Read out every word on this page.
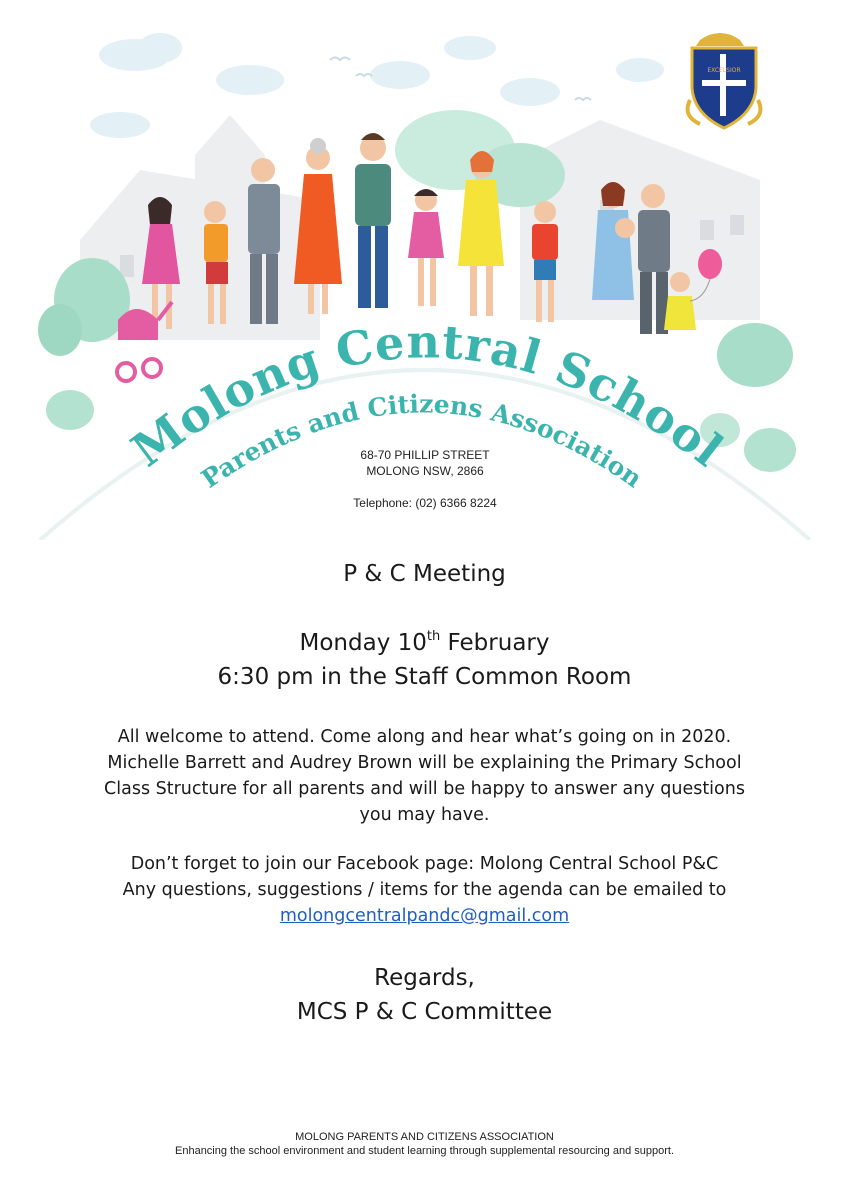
Molong Central School
Parents and Citizens Association
EXCELSIOR
68-70 PHILLIP STREET
MOLONG NSW, 2866
Telephone: (02) 6366 8224
P & C Meeting
Monday 10th February
6:30 pm in the Staff Common Room
All welcome to attend. Come along and hear what’s going on in 2020.
Michelle Barrett and Audrey Brown will be explaining the Primary School
Class Structure for all parents and will be happy to answer any questions
you may have.
Don’t forget to join our Facebook page: Molong Central School P&C
Any questions, suggestions / items for the agenda can be emailed to
molongcentralpandc@gmail.com
Regards,
MCS P & C Committee
MOLONG PARENTS AND CITIZENS ASSOCIATION
Enhancing the school environment and student learning through supplemental resourcing and support.
